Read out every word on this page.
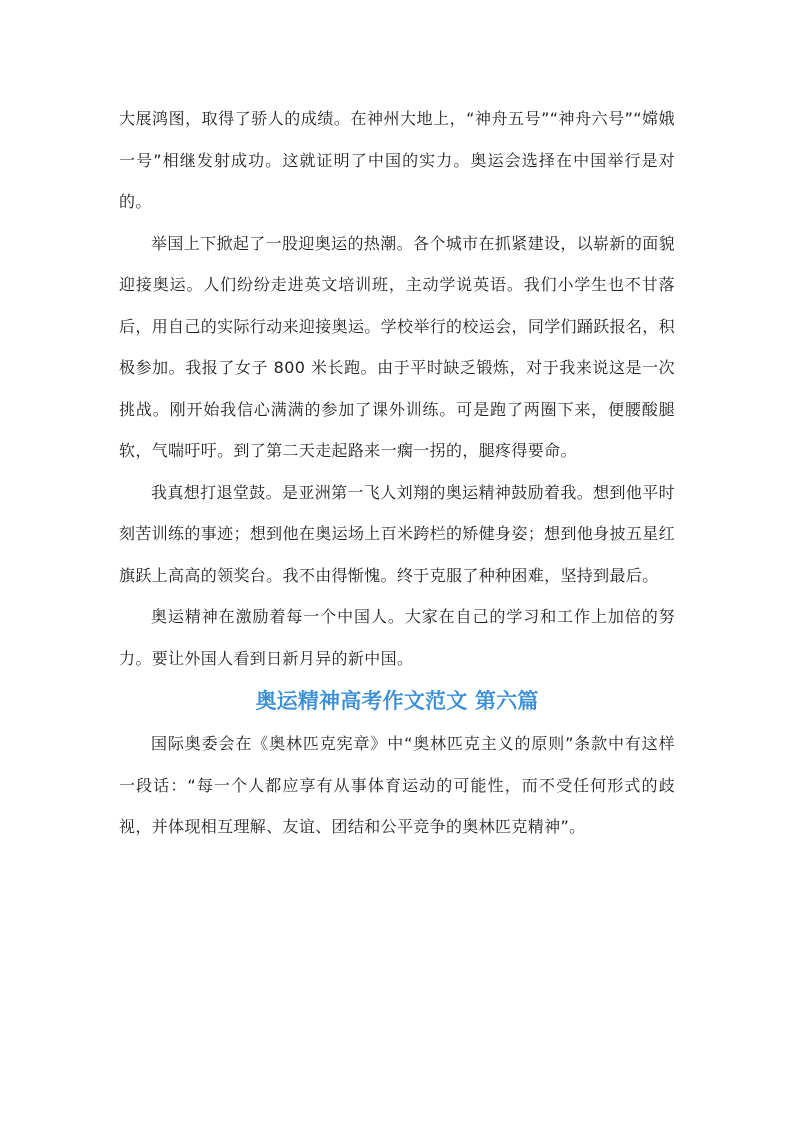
大展鸿图，取得了骄人的成绩。在神州大地上，“神舟五号”“神舟六号”“嫦娥一号”相继发射成功。这就证明了中国的实力。奥运会选择在中国举行是对的。

举国上下掀起了一股迎奥运的热潮。各个城市在抓紧建设，以崭新的面貌迎接奥运。人们纷纷走进英文培训班，主动学说英语。我们小学生也不甘落后，用自己的实际行动来迎接奥运。学校举行的校运会，同学们踊跃报名，积极参加。我报了女子 800 米长跑。由于平时缺乏锻炼，对于我来说这是一次挑战。刚开始我信心满满的参加了课外训练。可是跑了两圈下来，便腰酸腿软，气喘吁吁。到了第二天走起路来一瘸一拐的，腿疼得要命。

我真想打退堂鼓。是亚洲第一飞人刘翔的奥运精神鼓励着我。想到他平时刻苦训练的事迹；想到他在奥运场上百米跨栏的矫健身姿；想到他身披五星红旗跃上高高的领奖台。我不由得惭愧。终于克服了种种困难，坚持到最后。

奥运精神在激励着每一个中国人。大家在自己的学习和工作上加倍的努力。要让外国人看到日新月异的新中国。

奥运精神高考作文范文 第六篇

国际奥委会在《奥林匹克宪章》中“奥林匹克主义的原则”条款中有这样一段话：“每一个人都应享有从事体育运动的可能性，而不受任何形式的歧视，并体现相互理解、友谊、团结和公平竞争的奥林匹克精神”。
